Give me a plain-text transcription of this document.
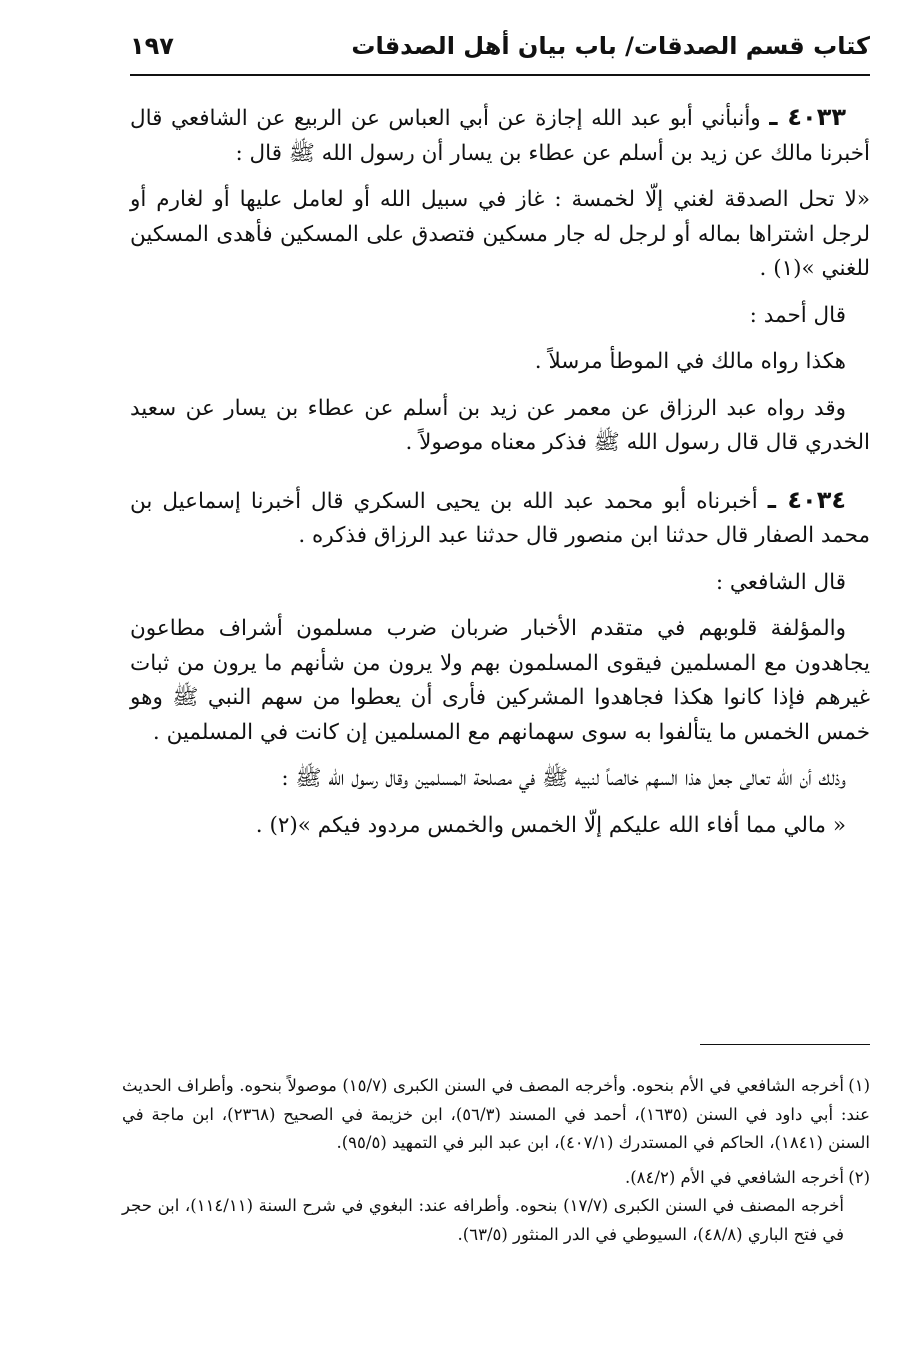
كتاب قسم الصدقات/ باب بيان أهل الصدقات
١٩٧

٤٠٣٣ ـ وأنبأني أبو عبد الله إجازة عن أبي العباس عن الربيع عن الشافعي قال أخبرنا مالك عن زيد بن أسلم عن عطاء بن يسار أن رسول الله ﷺ قال :

«لا تحل الصدقة لغني إلّا لخمسة : غاز في سبيل الله أو لعامل عليها أو لغارم أو لرجل اشتراها بماله أو لرجل له جار مسكين فتصدق على المسكين فأهدى المسكين للغني »(١) .

قال أحمد :

هكذا رواه مالك في الموطأ مرسلاً .

وقد رواه عبد الرزاق عن معمر عن زيد بن أسلم عن عطاء بن يسار عن سعيد الخدري قال قال رسول الله ﷺ فذكر معناه موصولاً .

٤٠٣٤ ـ أخبرناه أبو محمد عبد الله بن يحيى السكري قال أخبرنا إسماعيل بن محمد الصفار قال حدثنا ابن منصور قال حدثنا عبد الرزاق فذكره .

قال الشافعي :

والمؤلفة قلوبهم في متقدم الأخبار ضربان ضرب مسلمون أشراف مطاعون يجاهدون مع المسلمين فيقوى المسلمون بهم ولا يرون من شأنهم ما يرون من ثبات غيرهم فإذا كانوا هكذا فجاهدوا المشركين فأرى أن يعطوا من سهم النبي ﷺ وهو خمس الخمس ما يتألفوا به سوى سهمانهم مع المسلمين إن كانت في المسلمين .

وذلك أن الله تعالى جعل هذا السهم خالصاً لنبيه ﷺ في مصلحة المسلمين وقال رسول الله ﷺ :

« مالي مما أفاء الله عليكم إلّا الخمس والخمس مردود فيكم »(٢) .

(١)أخرجه الشافعي في الأم بنحوه. وأخرجه المصف في السنن الكبرى (١٥/٧) موصولاً بنحوه. وأطراف الحديث عند: أبي داود في السنن (١٦٣٥)، أحمد في المسند (٥٦/٣)، ابن خزيمة في الصحيح (٢٣٦٨)، ابن ماجة في السنن (١٨٤١)، الحاكم في المستدرك (٤٠٧/١)، ابن عبد البر في التمهيد (٩٥/٥).
(٢)أخرجه الشافعي في الأم (٨٤/٢).
أخرجه المصنف في السنن الكبرى (١٧/٧) بنحوه. وأطرافه عند: البغوي في شرح السنة (١١٤/١١)، ابن حجر في فتح الباري (٤٨/٨)، السيوطي في الدر المنثور (٦٣/٥).
